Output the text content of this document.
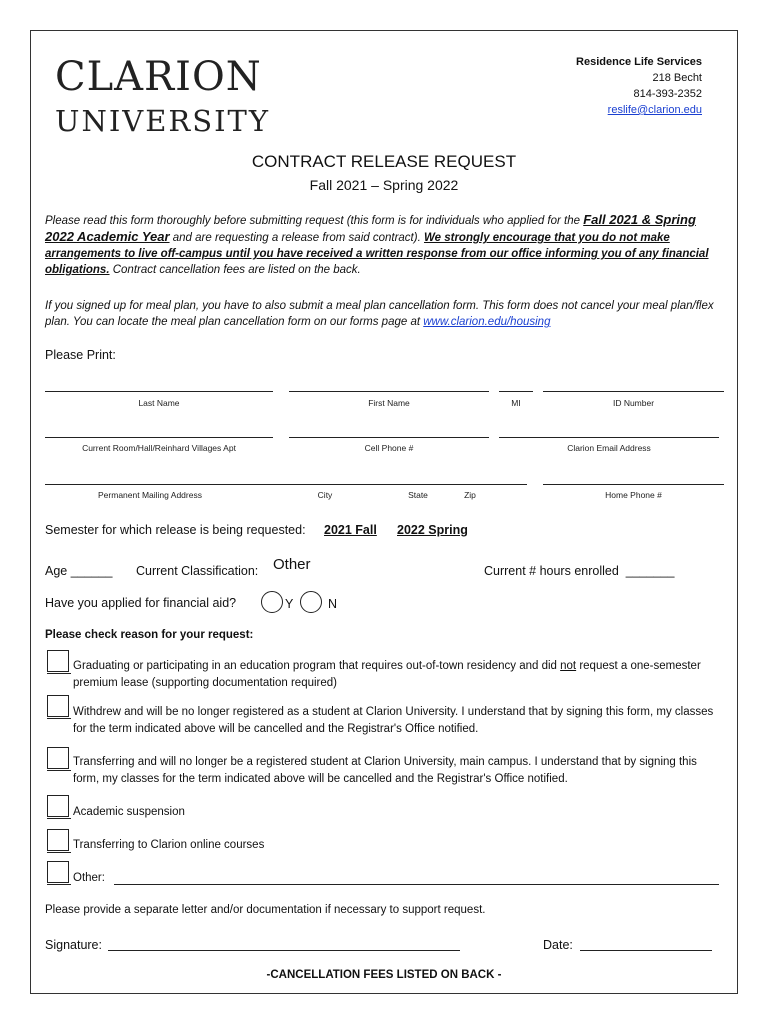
CLARION
UNIVERSITY
Residence Life Services
218 Becht
814-393-2352
reslife@clarion.edu
CONTRACT RELEASE REQUEST
Fall 2021 – Spring 2022
Please read this form thoroughly before submitting request (this form is for individuals who applied for the Fall 2021 & Spring 2022 Academic Year and are requesting a release from said contract). We strongly encourage that you do not make arrangements to live off-campus until you have received a written response from our office informing you of any financial obligations. Contract cancellation fees are listed on the back.
If you signed up for meal plan, you have to also submit a meal plan cancellation form. This form does not cancel your meal plan/flex plan. You can locate the meal plan cancellation form on our forms page at www.clarion.edu/housing
Please Print:
Last Name	First Name	MI	ID Number
Current Room/Hall/Reinhard Villages Apt	Cell Phone #	Clarion Email Address
Permanent Mailing Address	City	State	Zip	Home Phone #
Semester for which release is being requested: 2021 Fall 2022 Spring
Age ______ Current Classification: Other	Current # hours enrolled _______
Have you applied for financial aid?	Y	N
Please check reason for your request:
Graduating or participating in an education program that requires out-of-town residency and did not request a one-semester premium lease (supporting documentation required)
Withdrew and will be no longer registered as a student at Clarion University. I understand that by signing this form, my classes for the term indicated above will be cancelled and the Registrar's Office notified.
Transferring and will no longer be a registered student at Clarion University, main campus. I understand that by signing this form, my classes for the term indicated above will be cancelled and the Registrar's Office notified.
Academic suspension
Transferring to Clarion online courses
Other:
Please provide a separate letter and/or documentation if necessary to support request.
Signature:	Date:
-CANCELLATION FEES LISTED ON BACK -
